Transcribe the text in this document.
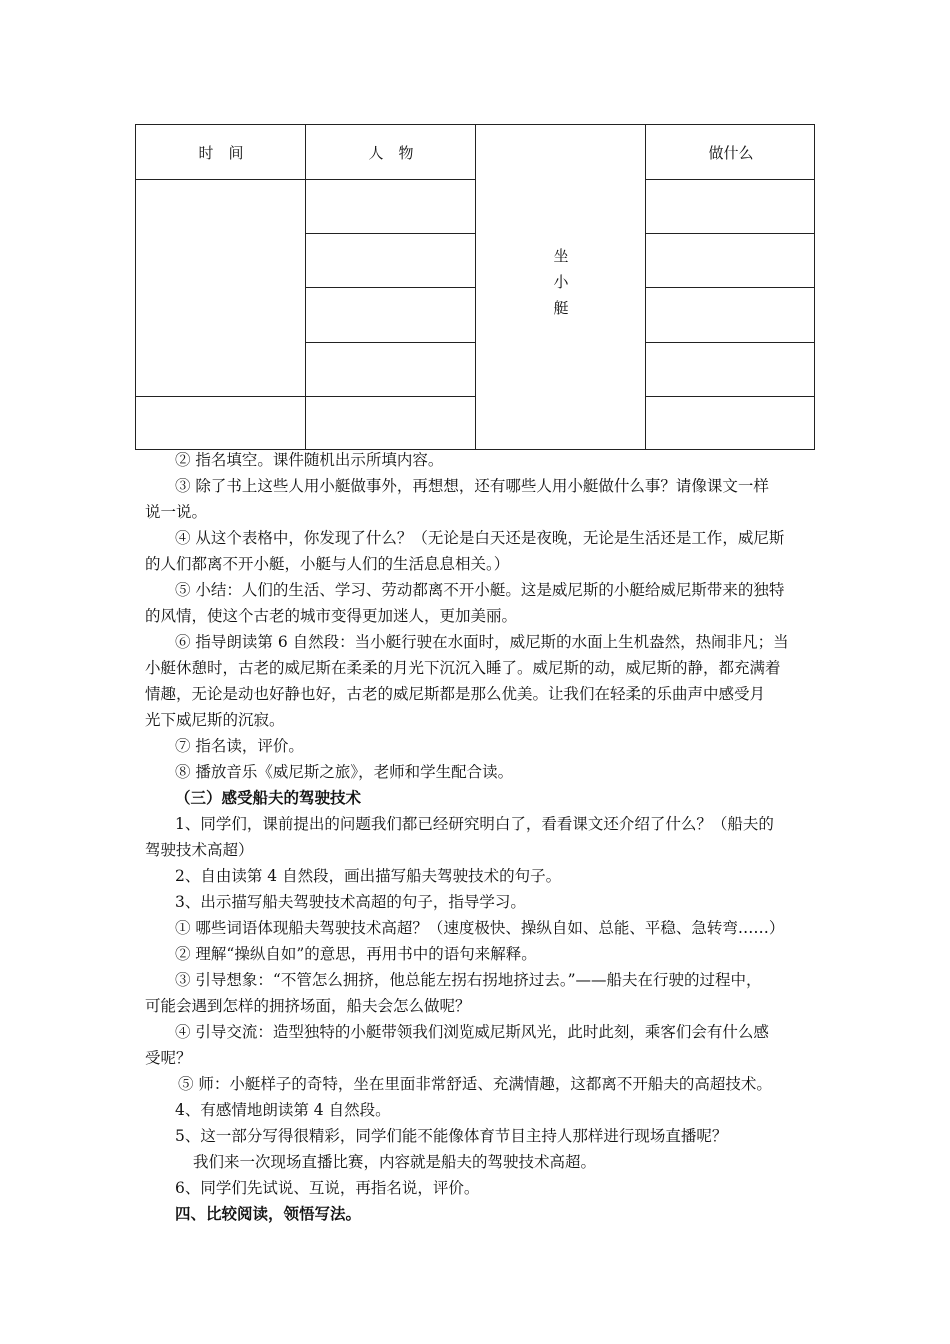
时　间	人　物	做什么
坐
小
艇

② 指名填空。课件随机出示所填内容。

③ 除了书上这些人用小艇做事外，再想想，还有哪些人用小艇做什么事？请像课文一样

说一说。

④ 从这个表格中，你发现了什么？（无论是白天还是夜晚，无论是生活还是工作，威尼斯

的人们都离不开小艇，小艇与人们的生活息息相关。）

⑤ 小结：人们的生活、学习、劳动都离不开小艇。这是威尼斯的小艇给威尼斯带来的独特

的风情，使这个古老的城市变得更加迷人，更加美丽。

⑥ 指导朗读第 6 自然段：当小艇行驶在水面时，威尼斯的水面上生机盎然，热闹非凡；当

小艇休憩时，古老的威尼斯在柔柔的月光下沉沉入睡了。威尼斯的动，威尼斯的静，都充满着

情趣，无论是动也好静也好，古老的威尼斯都是那么优美。让我们在轻柔的乐曲声中感受月

光下威尼斯的沉寂。

⑦ 指名读，评价。

⑧ 播放音乐《威尼斯之旅》，老师和学生配合读。

（三）感受船夫的驾驶技术

1、同学们，课前提出的问题我们都已经研究明白了，看看课文还介绍了什么？（船夫的

驾驶技术高超）

2、自由读第 4 自然段，画出描写船夫驾驶技术的句子。

3、出示描写船夫驾驶技术高超的句子，指导学习。

① 哪些词语体现船夫驾驶技术高超？（速度极快、操纵自如、总能、平稳、急转弯……）

② 理解“操纵自如”的意思，再用书中的语句来解释。

③ 引导想象：“不管怎么拥挤，他总能左拐右拐地挤过去。”——船夫在行驶的过程中，

可能会遇到怎样的拥挤场面，船夫会怎么做呢？

④ 引导交流：造型独特的小艇带领我们浏览威尼斯风光，此时此刻，乘客们会有什么感

受呢？

⑤ 师：小艇样子的奇特，坐在里面非常舒适、充满情趣，这都离不开船夫的高超技术。

4、有感情地朗读第 4 自然段。

5、这一部分写得很精彩，同学们能不能像体育节目主持人那样进行现场直播呢？

我们来一次现场直播比赛，内容就是船夫的驾驶技术高超。

6、同学们先试说、互说，再指名说，评价。

四、比较阅读，领悟写法。
